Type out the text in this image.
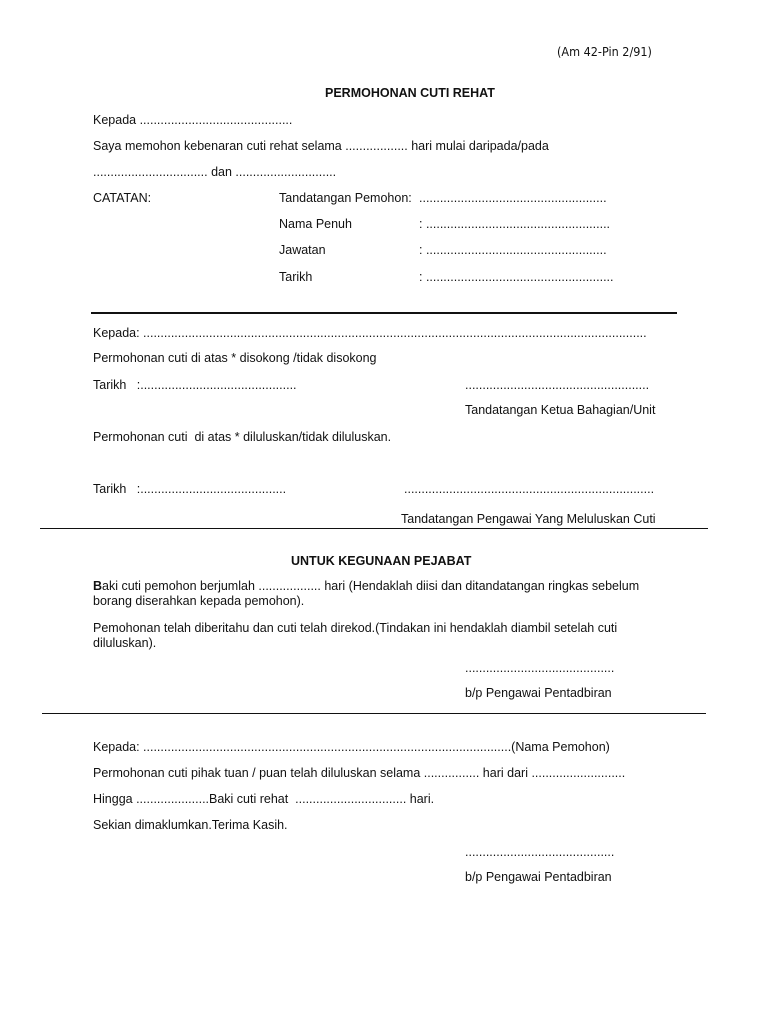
(Am 42-Pin 2/91)
PERMOHONAN CUTI REHAT
Kepada ............................................
Saya memohon kebenaran cuti rehat selama .................. hari mulai daripada/pada
................................. dan .............................
CATATAN:	Tandatangan Pemohon: ......................................................
Nama Penuh	: .....................................................
Jawatan	: ....................................................
Tarikh	: ......................................................
Kepada: .................................................................................................................................................
Permohonan cuti di atas * disokong /tidak disokong
Tarikh   :.............................................	.....................................................
Tandatangan Ketua Bahagian/Unit
Permohonan cuti  di atas * diluluskan/tidak diluluskan.
Tarikh   :..........................................	........................................................................
Tandatangan Pengawai Yang Meluluskan Cuti
UNTUK KEGUNAAN PEJABAT
Baki cuti pemohon berjumlah .................. hari (Hendaklah diisi dan ditandatangan ringkas sebelum
borang diserahkan kepada pemohon).
Pemohonan telah diberitahu dan cuti telah direkod.(Tindakan ini hendaklah diambil setelah cuti
diluluskan).
...........................................
b/p Pengawai Pentadbiran
Kepada: ..........................................................................................................(Nama Pemohon)
Permohonan cuti pihak tuan / puan telah diluluskan selama ................ hari dari ...........................
Hingga .....................Baki cuti rehat  ................................ hari.
Sekian dimaklumkan.Terima Kasih.
...........................................
b/p Pengawai Pentadbiran
